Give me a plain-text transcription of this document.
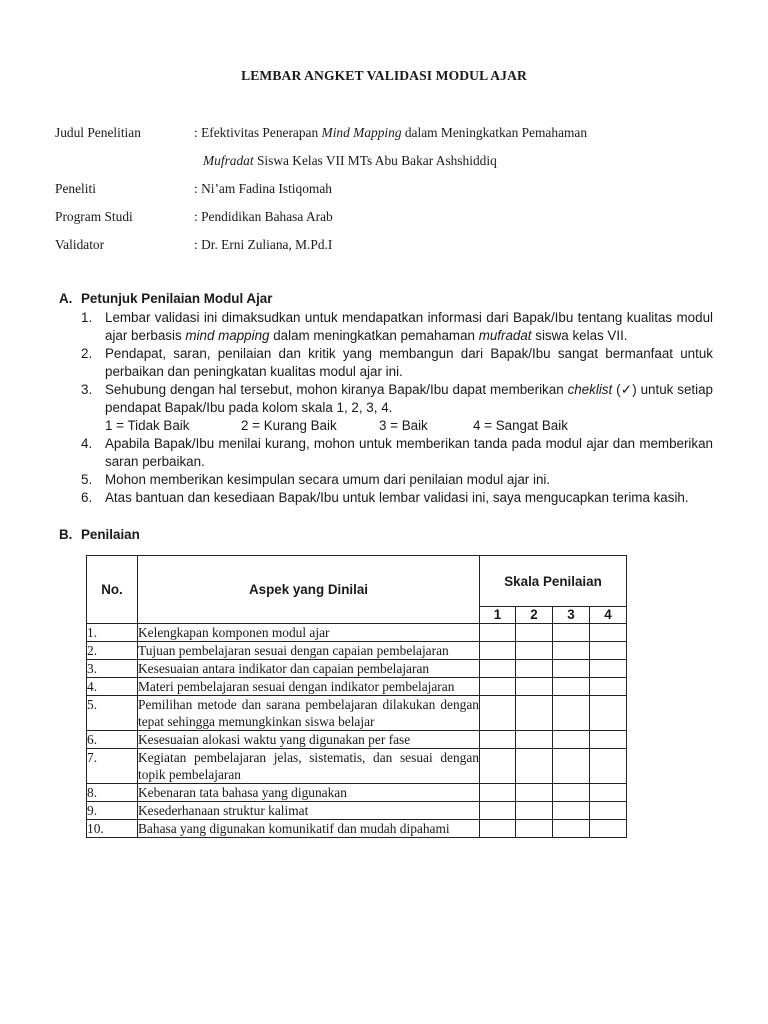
LEMBAR ANGKET VALIDASI MODUL AJAR
Judul Penelitian	: Efektivitas Penerapan Mind Mapping dalam Meningkatkan Pemahaman
Mufradat Siswa Kelas VII MTs Abu Bakar Ashshiddiq
Peneliti	: Ni’am Fadina Istiqomah
Program Studi	: Pendidikan Bahasa Arab
Validator	: Dr. Erni Zuliana, M.Pd.I
A. Petunjuk Penilaian Modul Ajar
1. Lembar validasi ini dimaksudkan untuk mendapatkan informasi dari Bapak/Ibu tentang kualitas modul ajar berbasis mind mapping dalam meningkatkan pemahaman mufradat siswa kelas VII.
2. Pendapat, saran, penilaian dan kritik yang membangun dari Bapak/Ibu sangat bermanfaat untuk perbaikan dan peningkatan kualitas modul ajar ini.
3. Sehubung dengan hal tersebut, mohon kiranya Bapak/Ibu dapat memberikan cheklist (✓) untuk setiap pendapat Bapak/Ibu pada kolom skala 1, 2, 3, 4.
1 = Tidak Baik	2 = Kurang Baik	3 = Baik	4 = Sangat Baik
4. Apabila Bapak/Ibu menilai kurang, mohon untuk memberikan tanda pada modul ajar dan memberikan saran perbaikan.
5. Mohon memberikan kesimpulan secara umum dari penilaian modul ajar ini.
6. Atas bantuan dan kesediaan Bapak/Ibu untuk lembar validasi ini, saya mengucapkan terima kasih.
B. Penilaian
No.	Aspek yang Dinilai	Skala Penilaian			
		1	2	3	4
1.	Kelengkapan komponen modul ajar				
2.	Tujuan pembelajaran sesuai dengan capaian pembelajaran				
3.	Kesesuaian antara indikator dan capaian pembelajaran				
4.	Materi pembelajaran sesuai dengan indikator pembelajaran				
5.	Pemilihan metode dan sarana pembelajaran dilakukan dengan tepat sehingga memungkinkan siswa belajar				
6.	Kesesuaian alokasi waktu yang digunakan per fase				
7.	Kegiatan pembelajaran jelas, sistematis, dan sesuai dengan topik pembelajaran				
8.	Kebenaran tata bahasa yang digunakan				
9.	Kesederhanaan struktur kalimat				
10.	Bahasa yang digunakan komunikatif dan mudah dipahami				
